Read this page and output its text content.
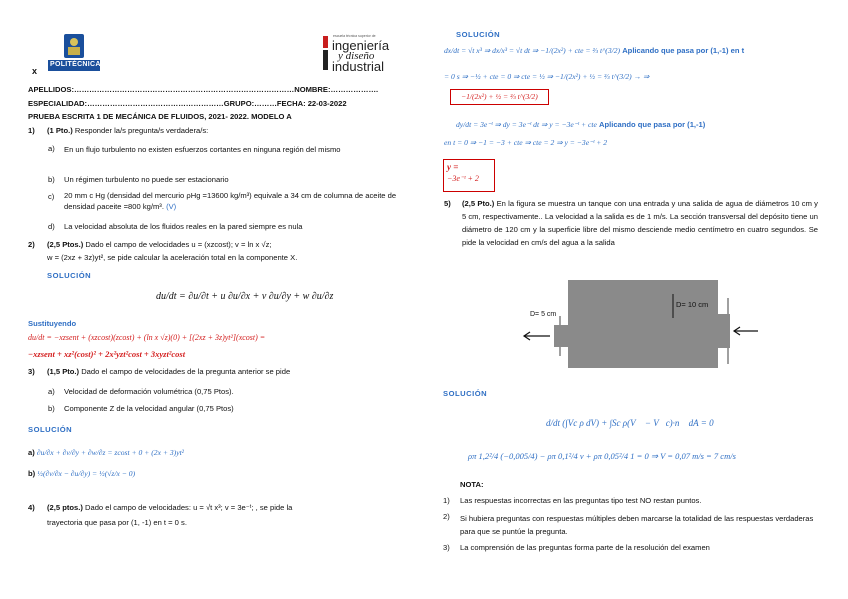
POLITÉCNICA
x
escuela técnica superior de
ingeniería
y diseño
industrial
APELLIDOS:……………………………………………………………………………NOMBRE:……………….
ESPECIALIDAD:………………………………………………GRUPO:………FECHA: 22-03-2022
PRUEBA ESCRITA 1 DE MECÁNICA DE FLUIDOS, 2021- 2022. MODELO A
1) (1 Pto.) Responder la/s pregunta/s verdadera/s:
a) En un flujo turbulento no existen esfuerzos cortantes en ninguna región del mismo
b) Un régimen turbulento no puede ser estacionario
c) 20 mm c Hg (densidad del mercurio ρHg =13600 kg/m³) equivale a 34 cm de columna de aceite de densidad ρaceite =800 kg/m³. (V)
d) La velocidad absoluta de los fluidos reales en la pared siempre es nula
2) (2,5 Ptos.) Dado el campo de velocidades u = (xzcost); v = ln x √z;
w = (2xz + 3z)yt², se pide calcular la aceleración total en la componente X.
SOLUCIÓN
du/dt = ∂u/∂t + u ∂u/∂x + v ∂u/∂y + w ∂u/∂z
Sustituyendo
du/dt = −xzsent + (xzcost)(zcost) + (ln x √z)(0) + [(2xz + 3z)yt²](xcost) =
−xzsent + xz²(cost)² + 2x²yzt²cost + 3xyzt²cost
3) (1,5 Pto.) Dado el campo de velocidades de la pregunta anterior se pide
a) Velocidad de deformación volumétrica (0,75 Ptos).
b) Componente Z de la velocidad angular (0,75 Ptos)
SOLUCIÓN
a) ∂u/∂x + ∂v/∂y + ∂w/∂z = zcost + 0 + (2x + 3)yt²
b) ½(∂v/∂x − ∂u/∂y) = ½(√z/x − 0)
4) (2,5 ptos.) Dado el campo de velocidades: u = √t x³; v = 3e⁻ᵗ; , se pide la
trayectoria que pasa por (1, -1) en t = 0 s.
SOLUCIÓN
dx/dt = √t x³ ⇒ dx/x³ = √t dt ⇒ −1/(2x²) + cte = ⅔ t^(3/2) Aplicando que pasa por (1,-1) en t
= 0 s ⇒ −½ + cte = 0 ⇒ cte = ½ ⇒ −1/(2x²) + ½ = ⅔ t^(3/2) → ⇒
−1/(2x²) + ½ = ⅔ t^(3/2)
dy/dt = 3e⁻ᵗ ⇒ dy = 3e⁻ᵗ dt ⇒ y = −3e⁻ᵗ + cte Aplicando que pasa por (1,-1)
en t = 0 ⇒ −1 = −3 + cte ⇒ cte = 2 ⇒ y = −3e⁻ᵗ + 2
y =
−3e⁻ᵗ + 2
5) (2,5 Pto.) En la figura se muestra un tanque con una entrada y una salida de agua de diámetros 10 cm y 5 cm, respectivamente.. La velocidad a la salida es de 1 m/s. La sección transversal del depósito tiene un diámetro de 120 cm y la superficie libre del mismo desciende medio centímetro en cuatro segundos. Se pide la velocidad en cm/s del agua a la salida
D= 5 cm
D= 10 cm
SOLUCIÓN
d/dt (∫Vc ρ dV) + ∫Sc ρ(V⃗ − V⃗c)·n⃗ dA = 0
ρπ 1,2²/4 (−0,005/4) − ρπ 0,1²/4 v + ρπ 0,05²/4 1 = 0 ⇒ V = 0,07 m/s = 7 cm/s
NOTA:
1) Las respuestas incorrectas en las preguntas tipo test NO restan puntos.
2) Si hubiera preguntas con respuestas múltiples deben marcarse la totalidad de las respuestas verdaderas para que se puntúe la pregunta.
3) La comprensión de las preguntas forma parte de la resolución del examen
